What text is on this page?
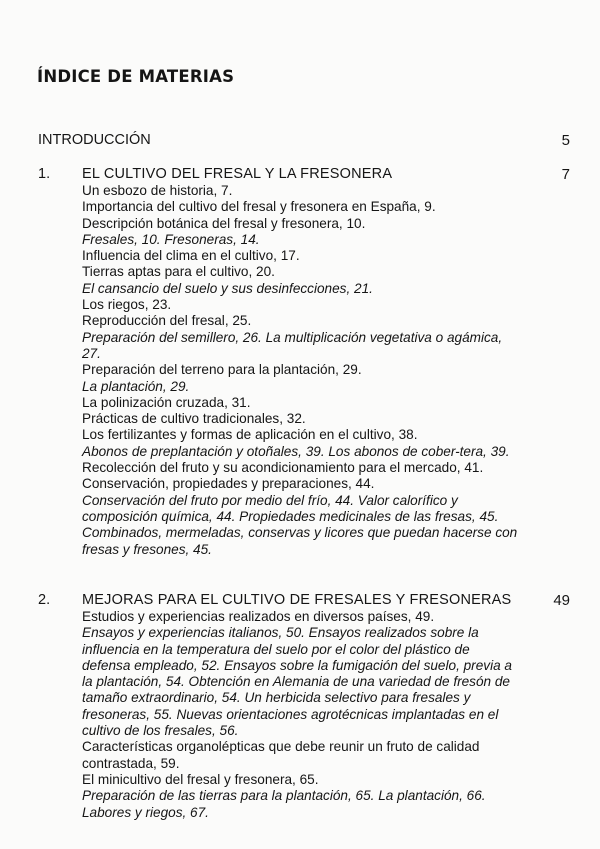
ÍNDICE DE MATERIAS
INTRODUCCIÓN	5
1. EL CULTIVO DEL FRESAL Y LA FRESONERA	7

Un esbozo de historia, 7.

Importancia del cultivo del fresal y fresonera en España, 9.

Descripción botánica del fresal y fresonera, 10.

Fresales, 10. Fresoneras, 14.

Influencia del clima en el cultivo, 17.

Tierras aptas para el cultivo, 20.

El cansancio del suelo y sus desinfecciones, 21.

Los riegos, 23.

Reproducción del fresal, 25.

Preparación del semillero, 26. La multiplicación vegetativa o agámica, 27.

Preparación del terreno para la plantación, 29.

La plantación, 29.

La polinización cruzada, 31.

Prácticas de cultivo tradicionales, 32.

Los fertilizantes y formas de aplicación en el cultivo, 38.

Abonos de preplantación y otoñales, 39. Los abonos de cober-tera, 39.

Recolección del fruto y su acondicionamiento para el mercado, 41.

Conservación, propiedades y preparaciones, 44.

Conservación del fruto por medio del frío, 44. Valor calorífico y composición química, 44. Propiedades medicinales de las fresas, 45. Combinados, mermeladas, conservas y licores que puedan hacerse con fresas y fresones, 45.

2. MEJORAS PARA EL CULTIVO DE FRESALES Y FRESONERAS	49

Estudios y experiencias realizados en diversos países, 49.

Ensayos y experiencias italianos, 50. Ensayos realizados sobre la influencia en la temperatura del suelo por el color del plástico de defensa empleado, 52. Ensayos sobre la fumigación del suelo, previa a la plantación, 54. Obtención en Alemania de una variedad de fresón de tamaño extraordinario, 54. Un herbicida selectivo para fresales y fresoneras, 55. Nuevas orientaciones agrotécnicas implantadas en el cultivo de los fresales, 56.

Características organolépticas que debe reunir un fruto de calidad contrastada, 59.

El minicultivo del fresal y fresonera, 65.

Preparación de las tierras para la plantación, 65. La plantación, 66. Labores y riegos, 67.
